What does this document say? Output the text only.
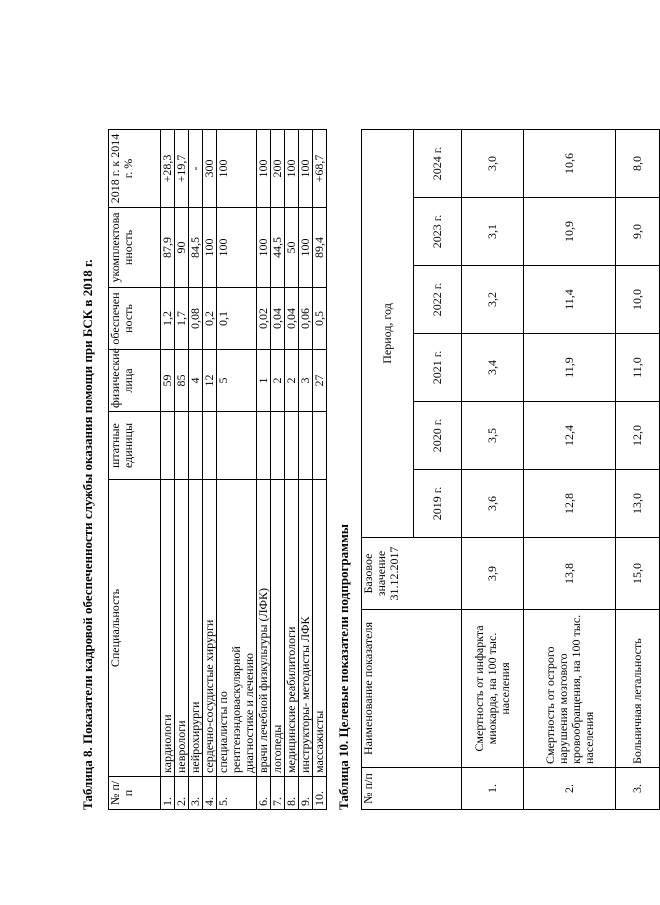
Таблица 8. Показатели кадровой обеспеченности службы оказания помощи при БСК в 2018 г. № п/п	Специальность	штатные единицы	физические лица	обеспечен ность	укомплектова нность	2018 г. к 2014 г. %
1.	кардиологи		59	1,2	87,9	+28,3
2.	неврологи		85	1,7	90	+19,7
3.	нейрохирурги		4	0,08	84,5	-
4.	сердечно-сосудистые хирурги		12	0,2	100	300
5.	специалисты по рентгенэндоваскулярной диагностике и лечению		5	0,1	100	100
6.	врачи лечебной физкультуры (ЛФК)		1	0,02	100	100
7.	логопеды		2	0,04	44,5	200
8.	медицинские реабилитологи		2	0,04	50	100
9.	инструкторы- методисты ЛФК		3	0,06	100	100
10.	массажисты		27	0,5	89,4	+68,7
Таблица 10. Целевые показатели подпрограммы № п/п	Наименование показателя	Базовое значение 31.12.2017	Период, год					
			2019 г.	2020 г.	2021 г.	2022 г.	2023 г.	2024 г.
1.	Смертность от инфаркта миокарда, на 100 тыс. населения	3,9	3,6	3,5	3,4	3,2	3,1	3,0
2.	Смертность от острого нарушения мозгового кровообращения, на 100 тыс. населения	13,8	12,8	12,4	11,9	11,4	10,9	10,6
3.	Больничная летальность	15,0	13,0	12,0	11,0	10,0	9,0	8,0
